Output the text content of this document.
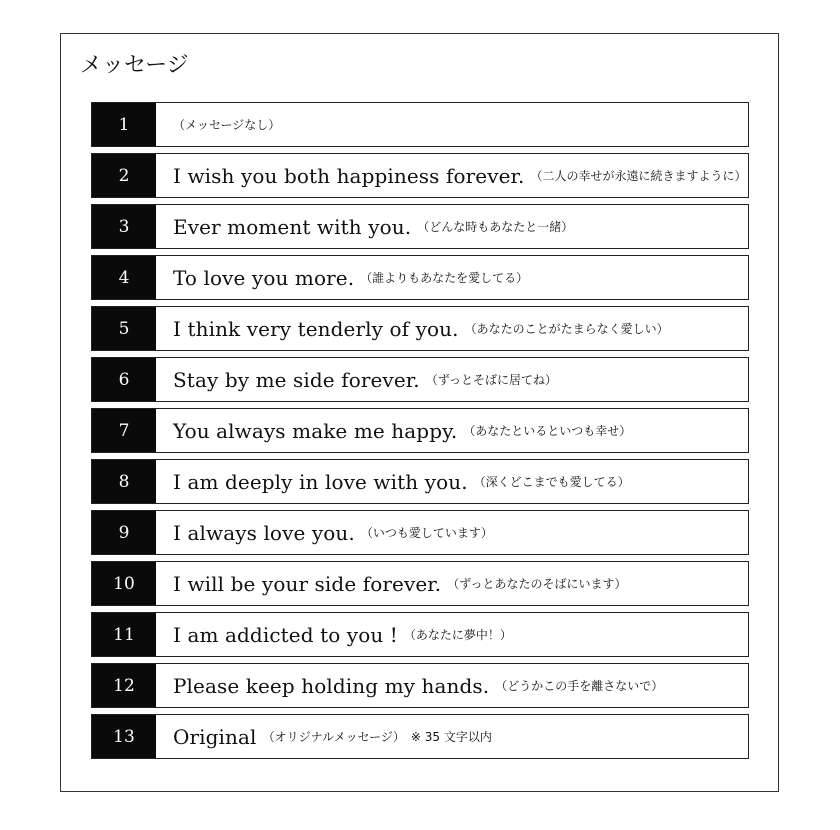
メッセージ
1	（メッセージなし）
2	I wish you both happiness forever. （二人の幸せが永遠に続きますように）
3	Ever moment with you. （どんな時もあなたと一緒）
4	To love you more. （誰よりもあなたを愛してる）
5	I think very tenderly of you. （あなたのことがたまらなく愛しい）
6	Stay by me side forever. （ずっとそばに居てね）
7	You always make me happy. （あなたといるといつも幸せ）
8	I am deeply in love with you. （深くどこまでも愛してる）
9	I always love you. （いつも愛しています）
10	I will be your side forever. （ずっとあなたのそばにいます）
11	I am addicted to you ! （あなたに夢中！）
12	Please keep holding my hands. （どうかこの手を離さないで）
13	Original （オリジナルメッセージ） ※ 35 文字以内
